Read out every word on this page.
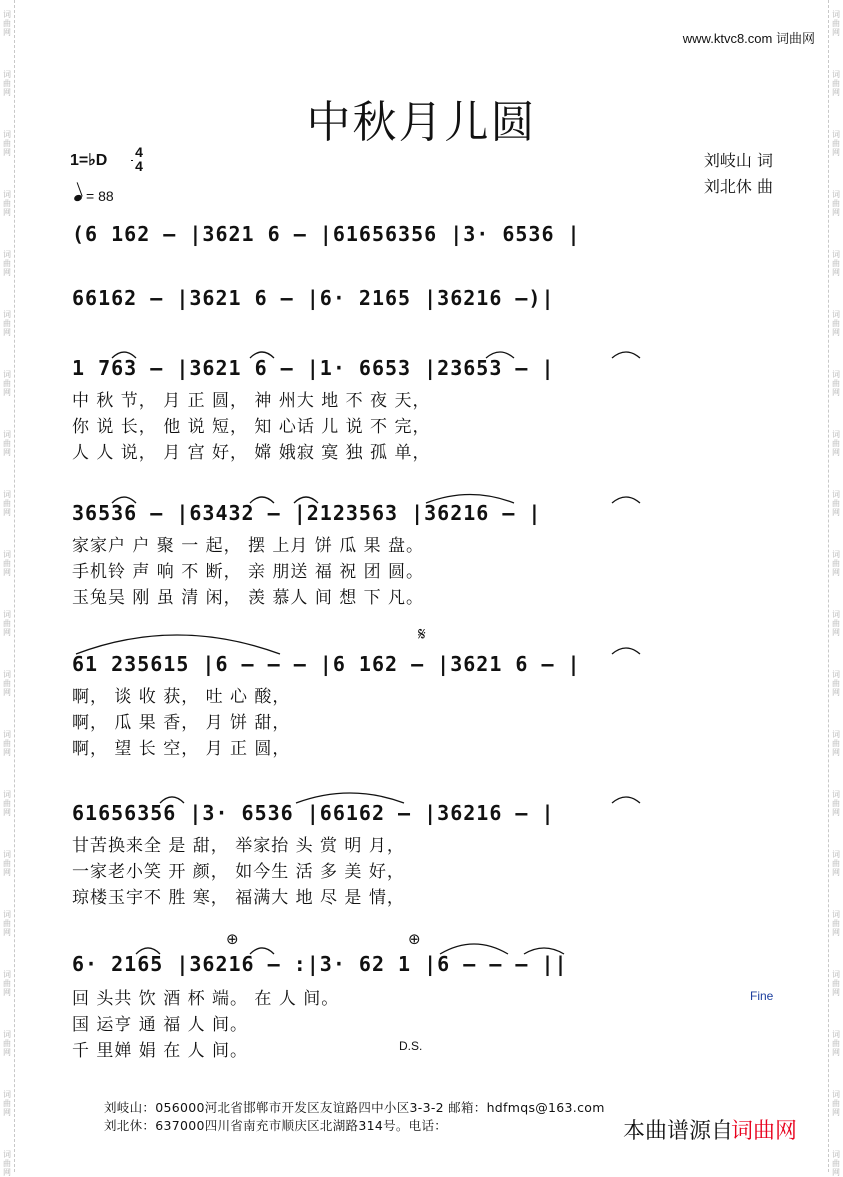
词
曲
网
词
曲
网
词
曲
网
词
曲
网
词
曲
网
词
曲
网
词
曲
网
词
曲
网
词
曲
网
词
曲
网
词
曲
网
词
曲
网
词
曲
网
词
曲
网
词
曲
网
词
曲
网
词
曲
网
词
曲
网
词
曲
网
词
曲
网
词
曲
网
词
曲
网
词
曲
网
词
曲
网
词
曲
网
词
曲
网
词
曲
网
词
曲
网
词
曲
网
词
曲
网
词
曲
网
词
曲
网
词
曲
网
词
曲
网
词
曲
网
词
曲
网
词
曲
网
词
曲
网
词
曲
网
词
曲
网
www.ktvc8.com 词曲网
中秋月儿圆
1=♭D 4
4
= 88
刘岐山 词
刘北休 曲
(6 162 – |3621 6 – |61656356 |3· 6536 |
66162 – |3621 6 – |6· 2165 |36216 –)|
1 763 – |3621 6 – |1· 6653 |23653 – |
中 秋 节， 月 正 圆， 神 州大 地 不 夜 天，
你 说 长， 他 说 短， 知 心话 儿 说 不 完，
人 人 说， 月 宫 好， 嫦 娥寂 寞 独 孤 单，
36536 – |63432 – |2123563 |36216 – |
家家户 户 聚 一 起， 摆 上月 饼 瓜 果 盘。
手机铃 声 响 不 断， 亲 朋送 福 祝 团 圆。
玉兔吴 刚 虽 清 闲， 羡 慕人 间 想 下 凡。
𝄋
61 235615 |6 – – – |6 162 – |3621 6 – |
啊， 谈 收 获， 吐 心 酸，
啊， 瓜 果 香， 月 饼 甜，
啊， 望 长 空， 月 正 圆，
61656356 |3· 6536 |66162 – |36216 – |
甘苦换来全 是 甜， 举家抬 头 赏 明 月，
一家老小笑 开 颜， 如今生 活 多 美 好，
琼楼玉宇不 胜 寒， 福满大 地 尽 是 情，
⊕	⊕
6· 2165 |36216 – :|3· 62 1 |6 – – – ||
回 头共 饮 酒 杯 端。 在 人 间。
国 运亨 通 福 人 间。
千 里婵 娟 在 人 间。
Fine
D.S.
刘岐山：056000河北省邯郸市开发区友谊路四中小区3-3-2 邮箱：hdfmqs@163.com
刘北休：637000四川省南充市顺庆区北湖路314号。电话：	本曲谱源自
词曲网
